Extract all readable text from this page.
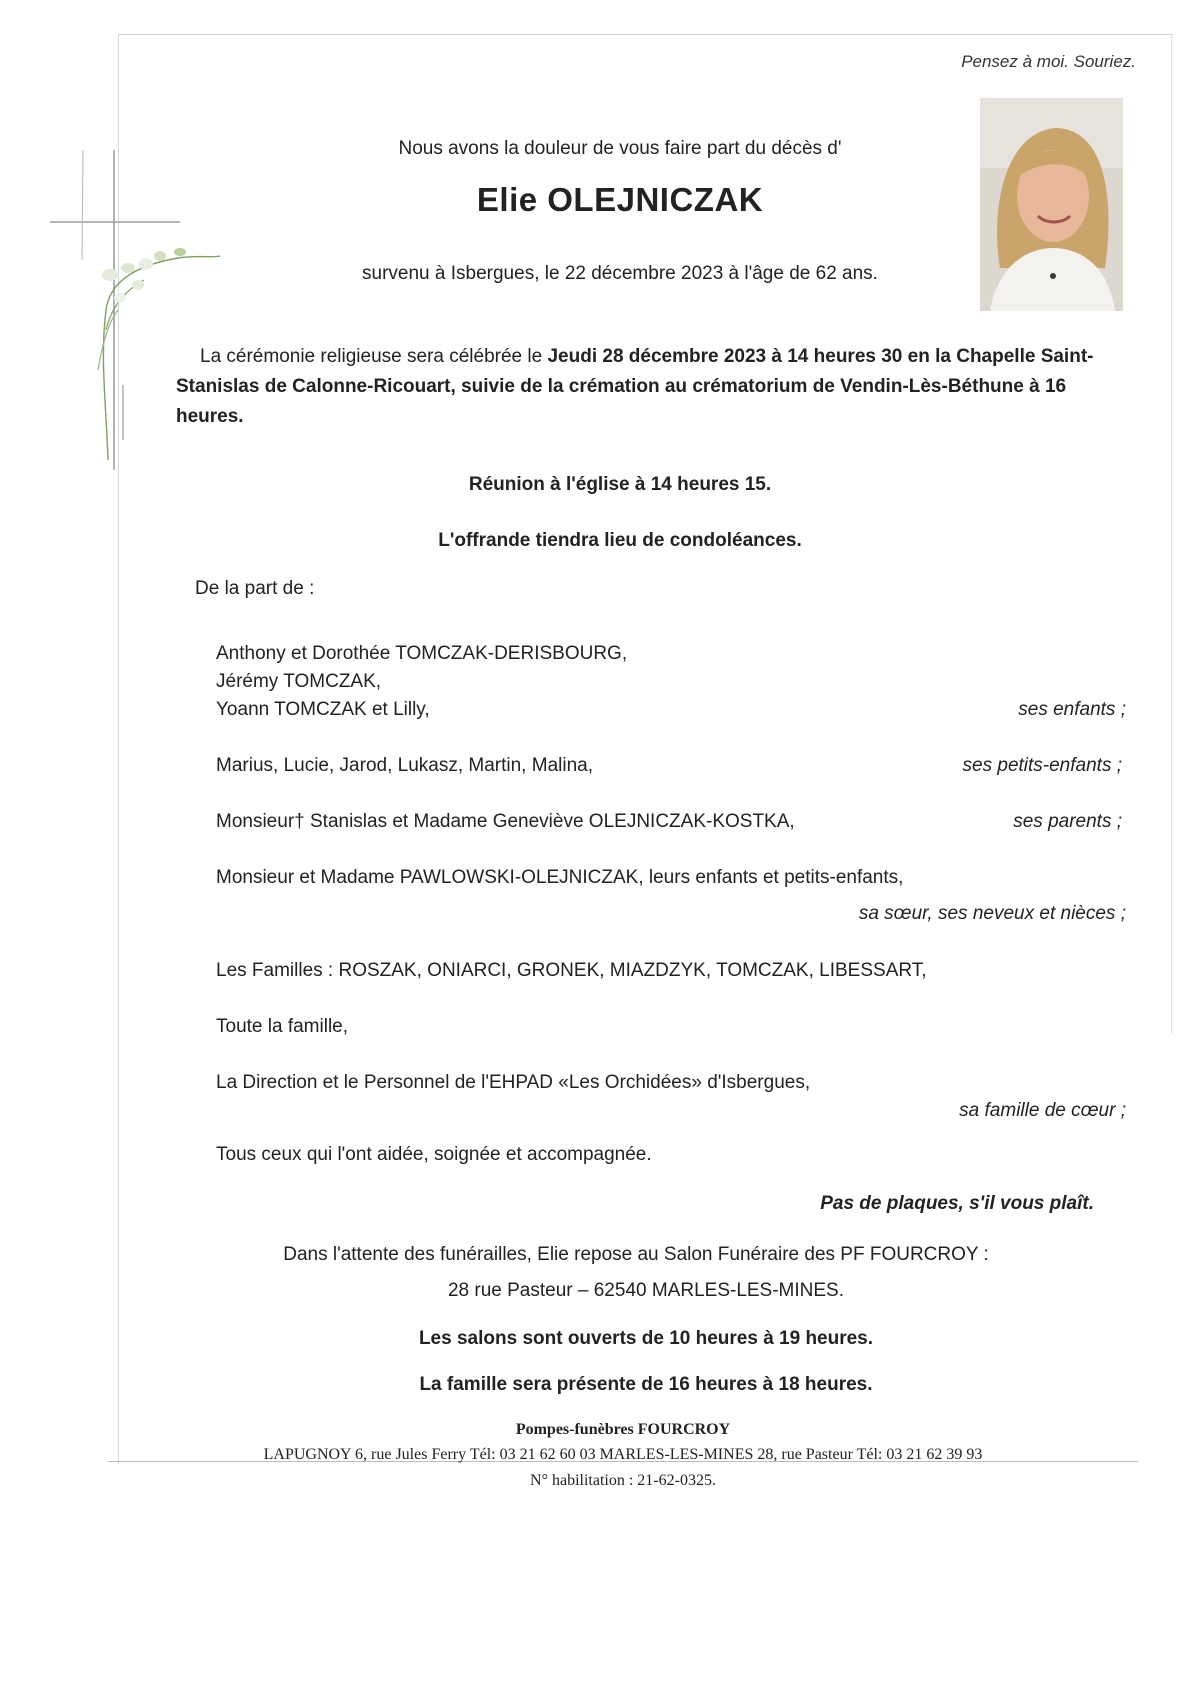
Pensez à moi. Souriez.
Nous avons la douleur de vous faire part du décès d'
Elie OLEJNICZAK
survenu à Isbergues, le 22 décembre 2023 à l'âge de 62 ans.
La cérémonie religieuse sera célébrée le Jeudi 28 décembre 2023 à 14 heures 30 en la Chapelle Saint-Stanislas de Calonne-Ricouart, suivie de la crémation au crématorium de Vendin-Lès-Béthune à 16 heures.
Réunion à l'église à 14 heures 15.
L'offrande tiendra lieu de condoléances.
De la part de :
Anthony et Dorothée TOMCZAK-DERISBOURG,
Jérémy TOMCZAK,
Yoann TOMCZAK et Lilly,	ses enfants ;
Marius, Lucie, Jarod, Lukasz, Martin, Malina,	ses petits-enfants ;
Monsieur† Stanislas et Madame Geneviève OLEJNICZAK-KOSTKA,	ses parents ;
Monsieur et Madame PAWLOWSKI-OLEJNICZAK, leurs enfants et petits-enfants,
sa sœur, ses neveux et nièces ;
Les Familles : ROSZAK, ONIARCI, GRONEK, MIAZDZYK, TOMCZAK, LIBESSART,
Toute la famille,
La Direction et le Personnel de l'EHPAD «Les Orchidées» d'Isbergues,
sa famille de cœur ;
Tous ceux qui l'ont aidée, soignée et accompagnée.
Pas de plaques, s'il vous plaît.
Dans l'attente des funérailles, Elie repose au Salon Funéraire des PF FOURCROY :
28 rue Pasteur – 62540 MARLES-LES-MINES.
Les salons sont ouverts de 10 heures à 19 heures.
La famille sera présente de 16 heures à 18 heures.
Pompes-funèbres FOURCROY
LAPUGNOY 6, rue Jules Ferry Tél: 03 21 62 60 03 MARLES-LES-MINES 28, rue Pasteur Tél: 03 21 62 39 93
N° habilitation : 21-62-0325.
